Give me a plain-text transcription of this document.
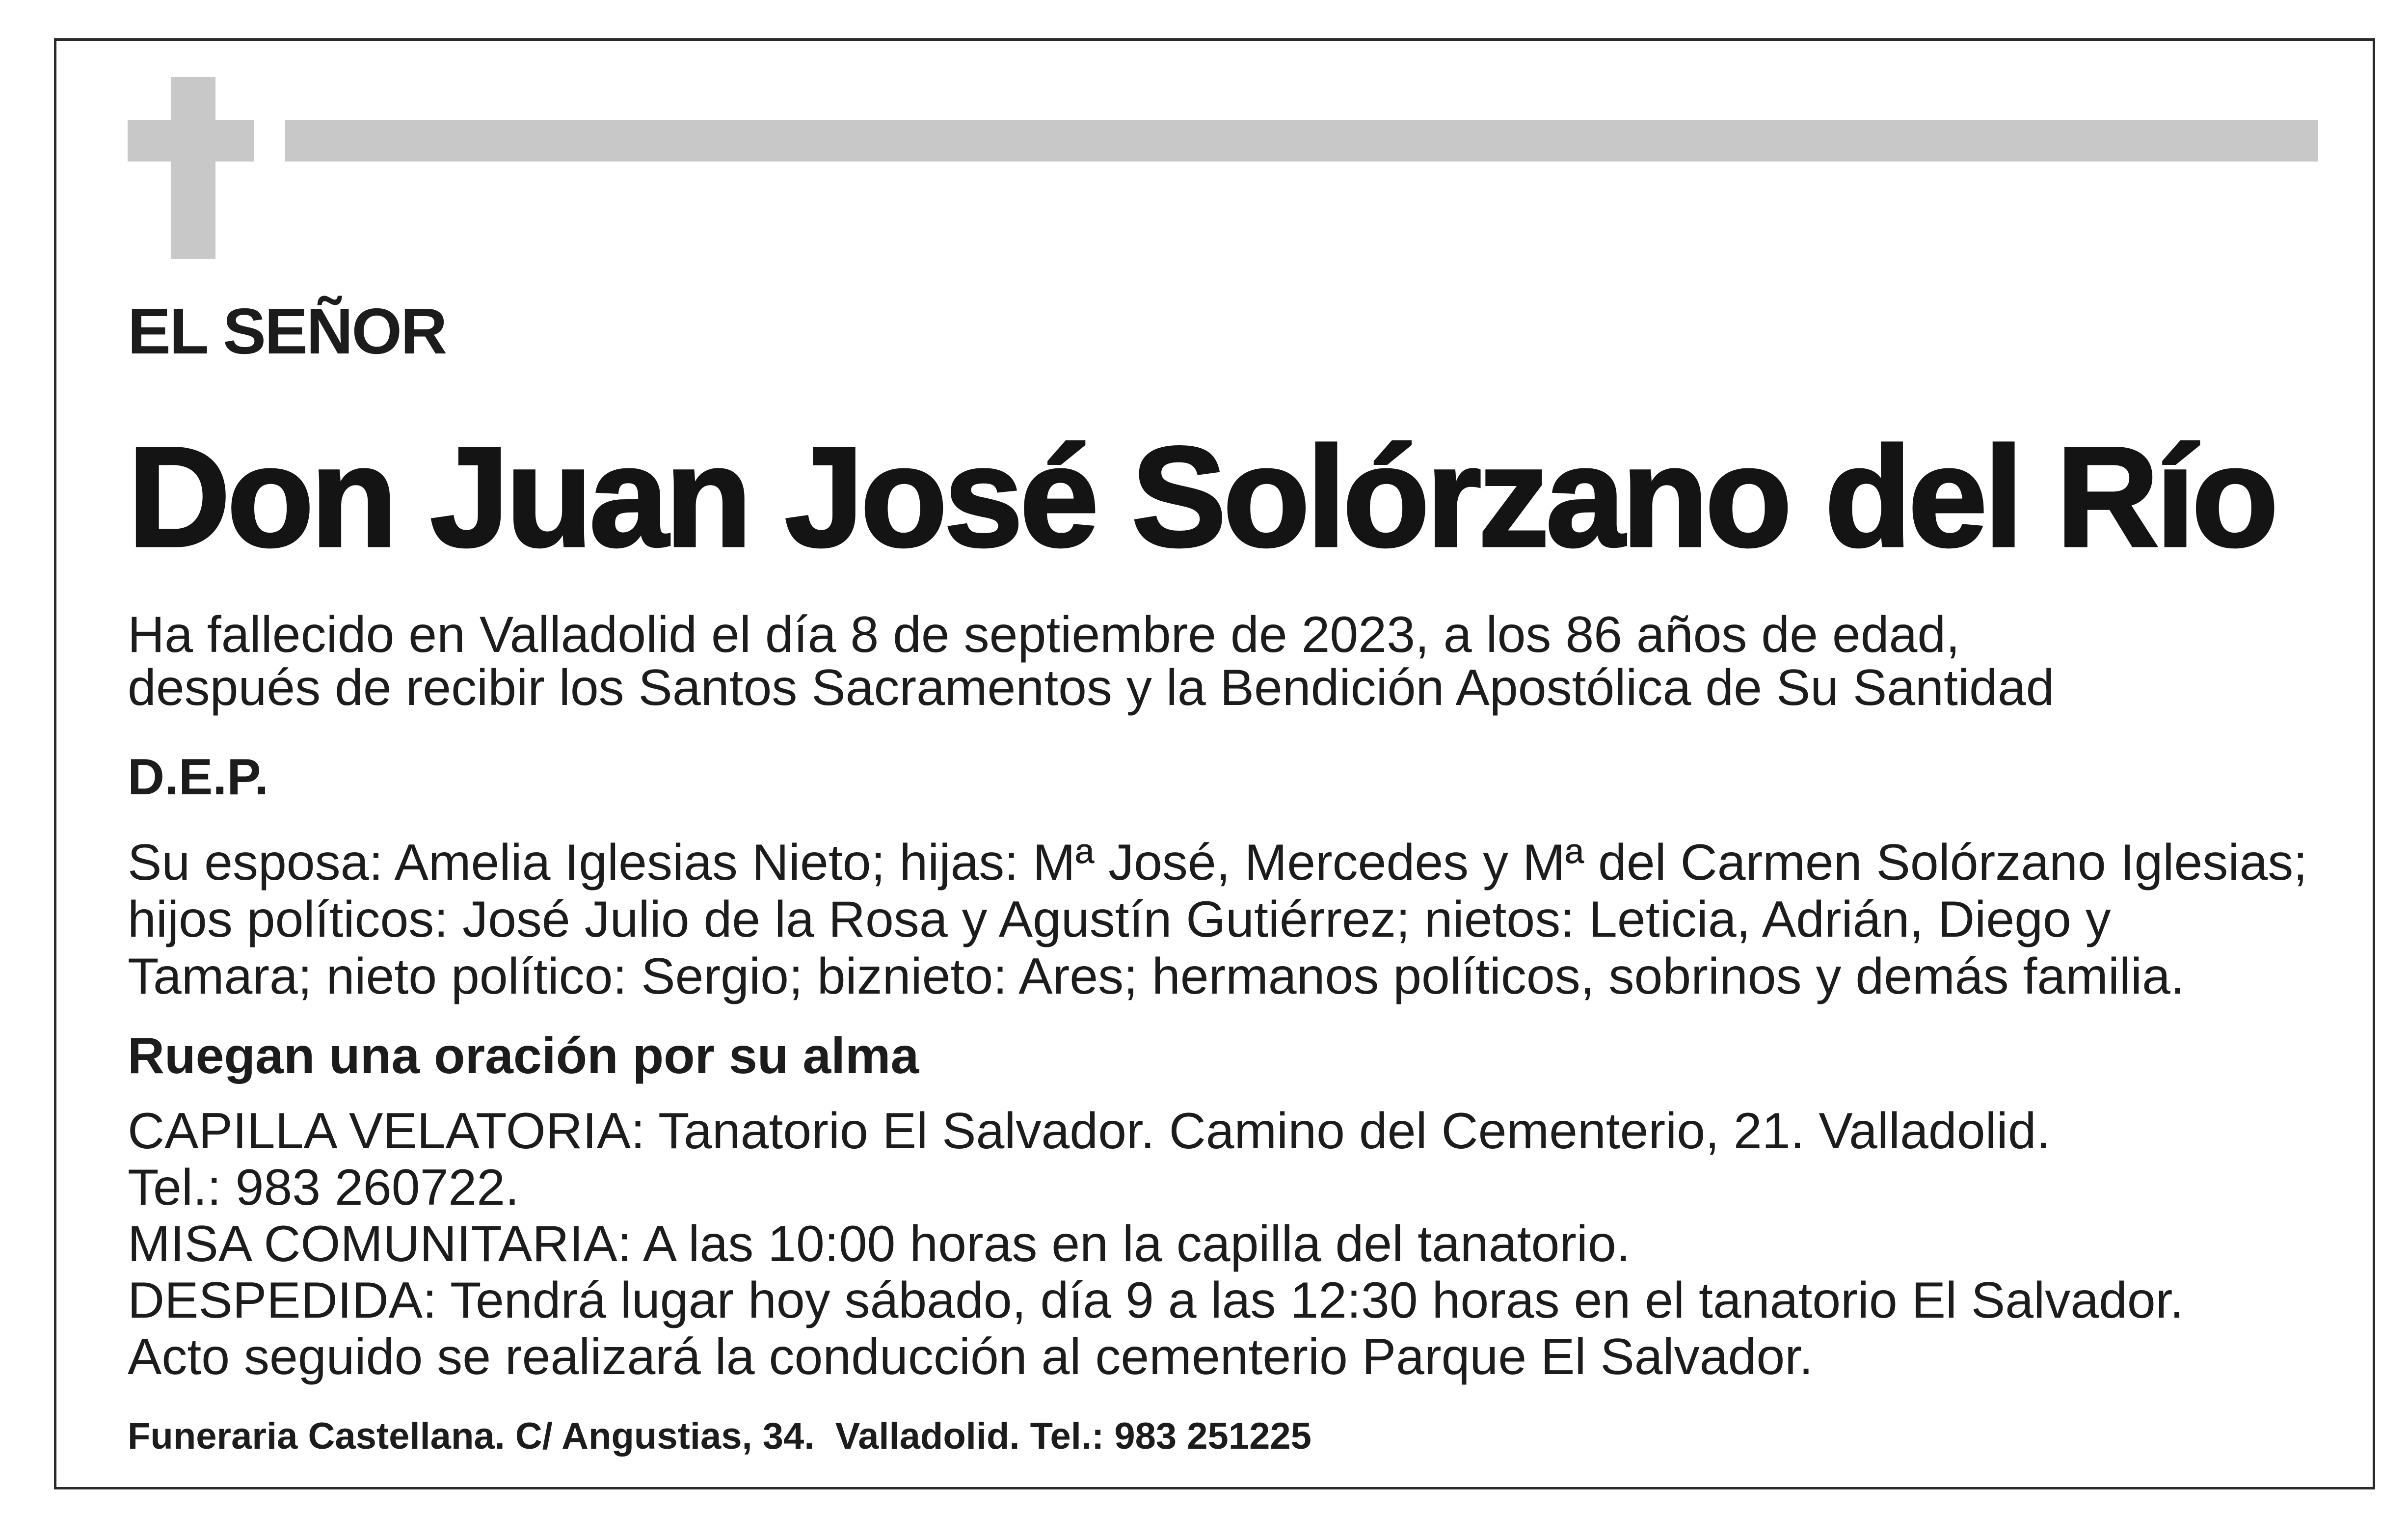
EL SEÑOR
Don Juan José Solórzano del Río
Ha fallecido en Valladolid el día 8 de septiembre de 2023, a los 86 años de edad,
después de recibir los Santos Sacramentos y la Bendición Apostólica de Su Santidad
D.E.P.
Su esposa: Amelia Iglesias Nieto; hijas: Mª José, Mercedes y Mª del Carmen Solórzano Iglesias;
hijos políticos: José Julio de la Rosa y Agustín Gutiérrez; nietos: Leticia, Adrián, Diego y
Tamara; nieto político: Sergio; biznieto: Ares; hermanos políticos, sobrinos y demás familia.
Ruegan una oración por su alma
CAPILLA VELATORIA: Tanatorio El Salvador. Camino del Cementerio, 21. Valladolid.
Tel.: 983 260722.
MISA COMUNITARIA: A las 10:00 horas en la capilla del tanatorio.
DESPEDIDA: Tendrá lugar hoy sábado, día 9 a las 12:30 horas en el tanatorio El Salvador.
Acto seguido se realizará la conducción al cementerio Parque El Salvador.
Funeraria Castellana. C/ Angustias, 34.  Valladolid. Tel.: 983 251225
